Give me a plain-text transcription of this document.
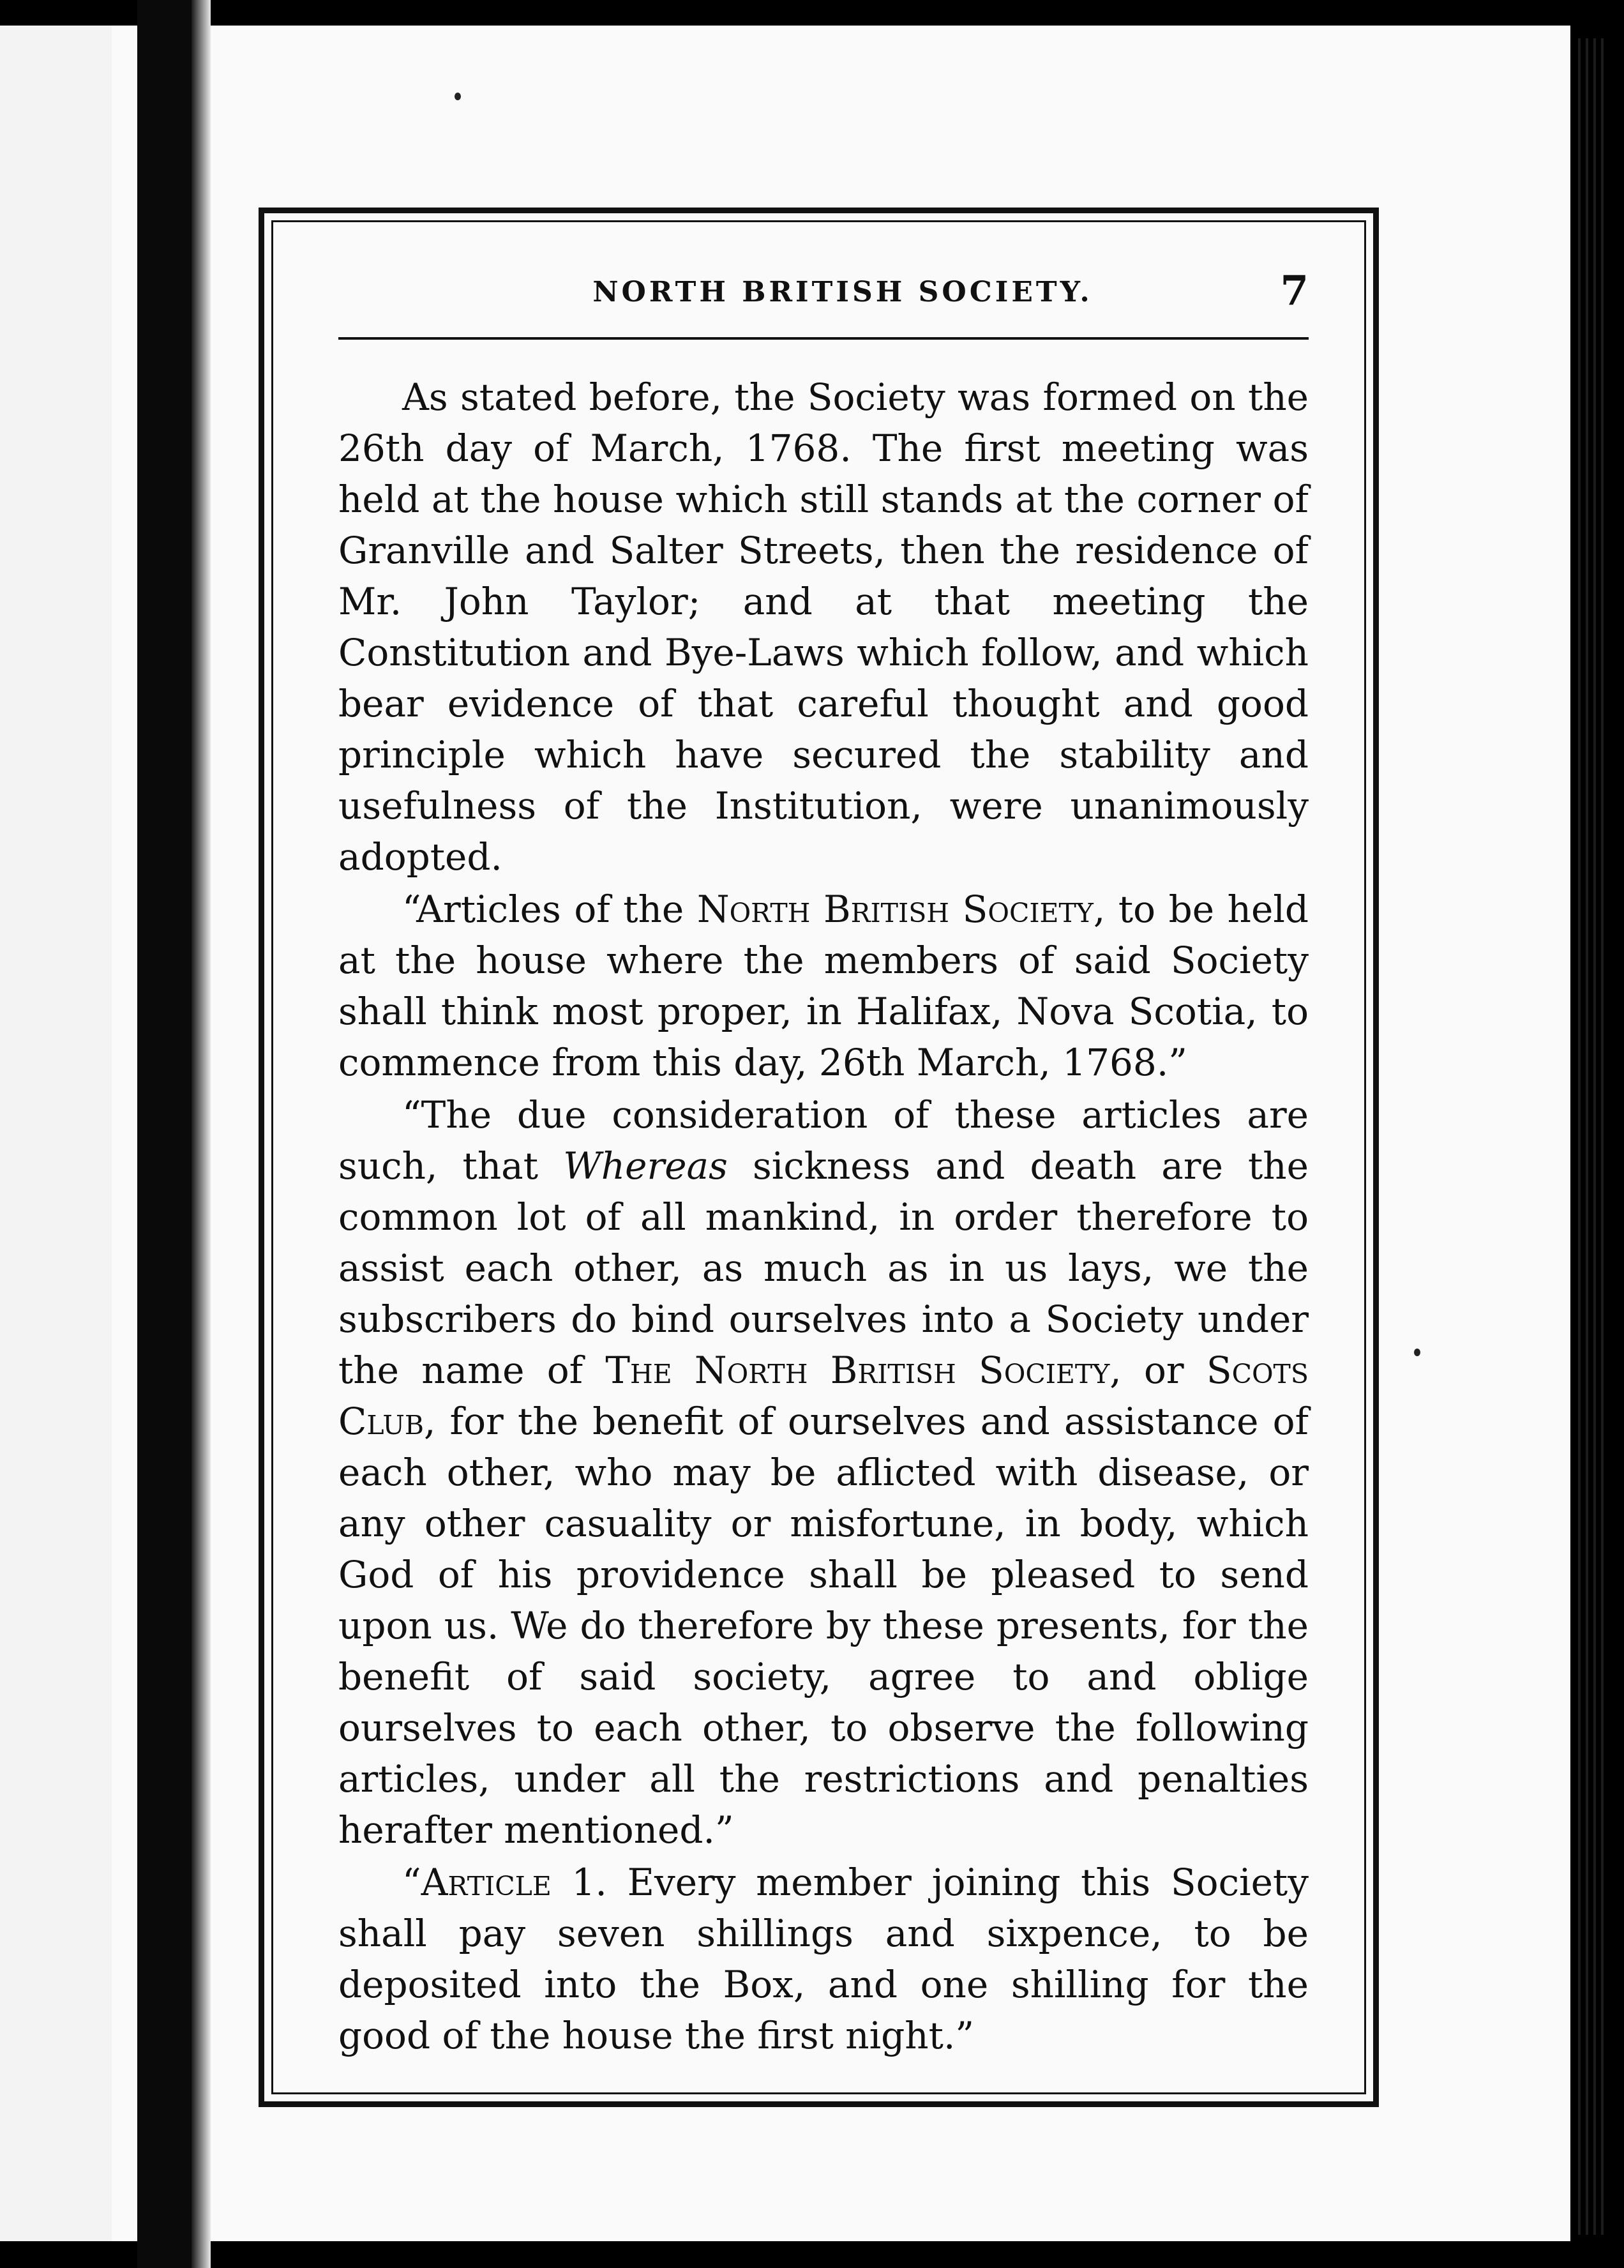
NORTH BRITISH SOCIETY.	7

As stated before, the Society was formed on the 26th day of March, 1768. The first meeting was held at the house which still stands at the corner of Granville and Salter Streets, then the residence of Mr. John Taylor; and at that meeting the Constitution and Bye-Laws which follow, and which bear evidence of that careful thought and good principle which have secured the stability and usefulness of the Institution, were unanimously adopted.

“Articles of the North British Society, to be held at the house where the members of said Society shall think most proper, in Halifax, Nova Scotia, to commence from this day, 26th March, 1768.”

“The due consideration of these articles are such, that Whereas sickness and death are the common lot of all mankind, in order therefore to assist each other, as much as in us lays, we the subscribers do bind ourselves into a Society under the name of The North British Society, or Scots Club, for the benefit of ourselves and assistance of each other, who may be aflicted with disease, or any other casuality or misfortune, in body, which God of his providence shall be pleased to send upon us. We do therefore by these presents, for the benefit of said society, agree to and oblige ourselves to each other, to observe the following articles, under all the restrictions and penalties herafter mentioned.”

“Article 1. Every member joining this Society shall pay seven shillings and sixpence, to be deposited into the Box, and one shilling for the good of the house the first night.”
